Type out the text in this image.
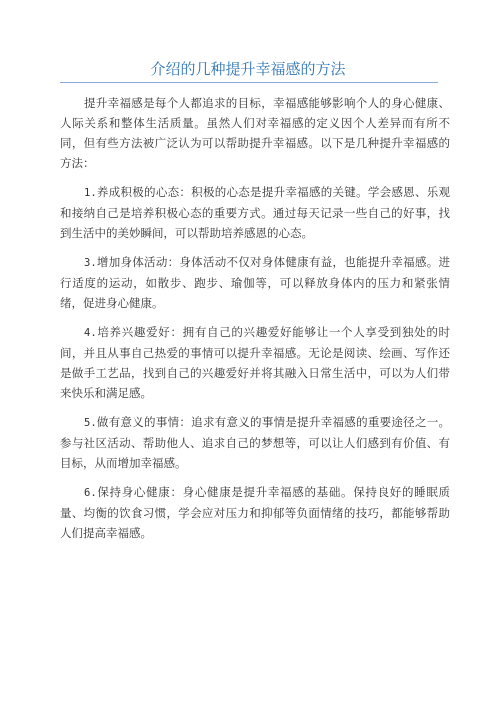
介绍的几种提升幸福感的方法

提升幸福感是每个人都追求的目标，幸福感能够影响个人的身心健康、人际关系和整体生活质量。虽然人们对幸福感的定义因个人差异而有所不同，但有些方法被广泛认为可以帮助提升幸福感。以下是几种提升幸福感的方法：

1.养成积极的心态：积极的心态是提升幸福感的关键。学会感恩、乐观和接纳自己是培养积极心态的重要方式。通过每天记录一些自己的好事，找到生活中的美妙瞬间，可以帮助培养感恩的心态。

3.增加身体活动：身体活动不仅对身体健康有益，也能提升幸福感。进行适度的运动，如散步、跑步、瑜伽等，可以释放身体内的压力和紧张情绪，促进身心健康。

4.培养兴趣爱好：拥有自己的兴趣爱好能够让一个人享受到独处的时间，并且从事自己热爱的事情可以提升幸福感。无论是阅读、绘画、写作还是做手工艺品，找到自己的兴趣爱好并将其融入日常生活中，可以为人们带来快乐和满足感。

5.做有意义的事情：追求有意义的事情是提升幸福感的重要途径之一。参与社区活动、帮助他人、追求自己的梦想等，可以让人们感到有价值、有目标，从而增加幸福感。

6.保持身心健康：身心健康是提升幸福感的基础。保持良好的睡眠质量、均衡的饮食习惯，学会应对压力和抑郁等负面情绪的技巧，都能够帮助人们提高幸福感。
